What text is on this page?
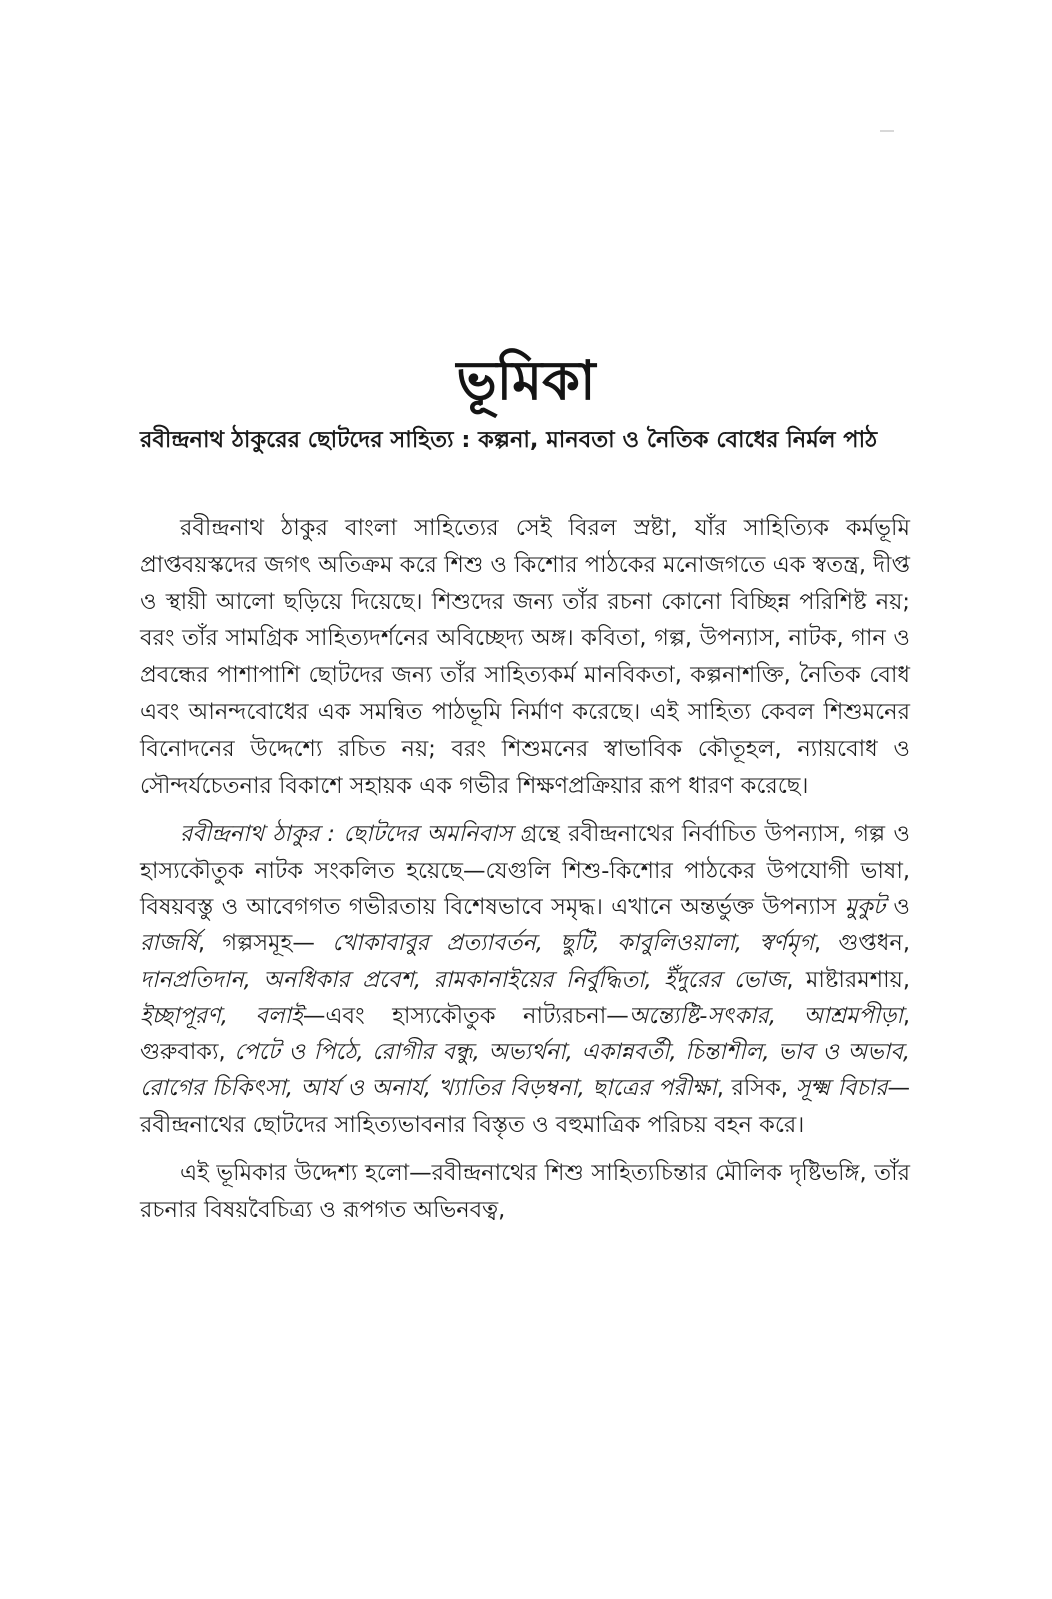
ভূমিকা
রবীন্দ্রনাথ ঠাকুরের ছোটদের সাহিত্য : কল্পনা, মানবতা ও নৈতিক বোধের নির্মল পাঠ

রবীন্দ্রনাথ ঠাকুর বাংলা সাহিত্যের সেই বিরল স্রষ্টা, যাঁর সাহিত্যিক কর্মভূমি প্রাপ্তবয়স্কদের জগৎ অতিক্রম করে শিশু ও কিশোর পাঠকের মনোজগতে এক স্বতন্ত্র, দীপ্ত ও স্থায়ী আলো ছড়িয়ে দিয়েছে। শিশুদের জন্য তাঁর রচনা কোনো বিচ্ছিন্ন পরিশিষ্ট নয়; বরং তাঁর সামগ্রিক সাহিত্যদর্শনের অবিচ্ছেদ্য অঙ্গ। কবিতা, গল্প, উপন্যাস, নাটক, গান ও প্রবন্ধের পাশাপাশি ছোটদের জন্য তাঁর সাহিত্যকর্ম মানবিকতা, কল্পনাশক্তি, নৈতিক বোধ এবং আনন্দবোধের এক সমন্বিত পাঠভূমি নির্মাণ করেছে। এই সাহিত্য কেবল শিশুমনের বিনোদনের উদ্দেশ্যে রচিত নয়; বরং শিশুমনের স্বাভাবিক কৌতূহল, ন্যায়বোধ ও সৌন্দর্যচেতনার বিকাশে সহায়ক এক গভীর শিক্ষণপ্রক্রিয়ার রূপ ধারণ করেছে।

রবীন্দ্রনাথ ঠাকুর : ছোটদের অমনিবাস গ্রন্থে রবীন্দ্রনাথের নির্বাচিত উপন্যাস, গল্প ও হাস্যকৌতুক নাটক সংকলিত হয়েছে—যেগুলি শিশু-কিশোর পাঠকের উপযোগী ভাষা, বিষয়বস্তু ও আবেগগত গভীরতায় বিশেষভাবে সমৃদ্ধ। এখানে অন্তর্ভুক্ত উপন্যাস মুকুট ও রাজর্ষি, গল্পসমূহ— খোকাবাবুর প্রত্যাবর্তন, ছুটি, কাবুলিওয়ালা, স্বর্ণমৃগ, গুপ্তধন, দানপ্রতিদান, অনধিকার প্রবেশ, রামকানাইয়ের নির্বুদ্ধিতা, ইঁদুরের ভোজ, মাষ্টারমশায়, ইচ্ছাপূরণ, বলাই—এবং হাস্যকৌতুক নাট্যরচনা—অন্ত্যেষ্টি-সৎকার, আশ্রমপীড়া, গুরুবাক্য, পেটে ও পিঠে, রোগীর বন্ধু, অভ্যর্থনা, একান্নবর্তী, চিন্তাশীল, ভাব ও অভাব, রোগের চিকিৎসা, আর্য ও অনার্য, খ্যাতির বিড়ম্বনা, ছাত্রের পরীক্ষা, রসিক, সূক্ষ্ম বিচার—রবীন্দ্রনাথের ছোটদের সাহিত্যভাবনার বিস্তৃত ও বহুমাত্রিক পরিচয় বহন করে।

এই ভূমিকার উদ্দেশ্য হলো—রবীন্দ্রনাথের শিশু সাহিত্যচিন্তার মৌলিক দৃষ্টিভঙ্গি, তাঁর রচনার বিষয়বৈচিত্র্য ও রূপগত অভিনবত্ব,
